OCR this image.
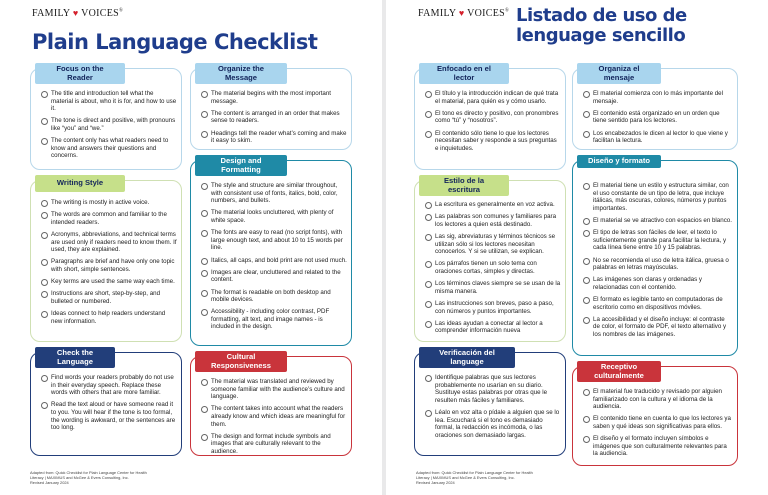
FAMILY ♥ VOICES®
Plain Language Checklist
Focus on the Reader
The title and introduction tell what the material is about, who it is for, and how to use it.
The tone is direct and positive, with pronouns like “you” and “we.”
The content only has what readers need to know and answers their questions and concerns.
Writing Style
The writing is mostly in active voice.
The words are common and familiar to the intended readers.
Acronyms, abbreviations, and technical terms are used only if readers need to know them. If used, they are explained.
Paragraphs are brief and have only one topic with short, simple sentences.
Key terms are used the same way each time.
Instructions are short, step-by-step, and bulleted or numbered.
Ideas connect to help readers understand new information.
Check the Language
Find words your readers probably do not use in their everyday speech. Replace these words with others that are more familiar.
Read the text aloud or have someone read it to you. You will hear if the tone is too formal, the wording is awkward, or the sentences are too long.
Organize the Message
The material begins with the most important message.
The content is arranged in an order that makes sense to readers.
Headings tell the reader what’s coming and make it easy to skim.
Design and Formatting
The style and structure are similar throughout, with consistent use of fonts, italics, bold, color, numbers, and bullets.
The material looks uncluttered, with plenty of white space.
The fonts are easy to read (no script fonts), with large enough text, and about 10 to 15 words per line.
Italics, all caps, and bold print are not used much.
Images are clear, uncluttered and related to the content.
The format is readable on both desktop and mobile devices.
Accessibility - including color contrast, PDF formatting, alt text, and image names - is included in the design.
Cultural Responsiveness
The material was translated and reviewed by someone familiar with the audience’s culture and language.
The content takes into account what the readers already know and which ideas are meaningful for them.
The design and format include symbols and images that are culturally relevant to the audience.
Adapted from: Quick Checklist for Plain Language Center for Health Literacy | MAXIMUS and McGee & Evers Consulting, Inc.
Revised January 2024
FAMILY ♥ VOICES® Listado de uso de lenguage sencillo
Enfocado en el lector
El título y la introducción indican de qué trata el material, para quién es y cómo usarlo.
El tono es directo y positivo, con pronombres como “tú” y “nosotros”.
El contenido sólo tiene lo que los lectores necesitan saber y responde a sus preguntas e inquietudes.
Estilo de la escritura
La escritura es generalmente en voz activa.
Las palabras son comunes y familiares para los lectores a quien está destinado.
Las sig, abreviaturas y términos técnicos se utilizan sólo si los lectores necesitan conocerlos. Y si se utilizan, se explican.
Los párrafos tienen un solo tema con oraciones cortas, simples y directas.
Los términos claves siempre se se usan de la misma manera.
Las instrucciones son breves, paso a paso, con números y puntos importantes.
Las ideas ayudan a conectar al lector a comprender información nueva
Verificación del language
Identifique palabras que sus lectores probablemente no usarían en su diario. Sustituye estas palabras por otras que le resulten más fáciles y familiares.
Léalo en voz alta o pídale a alguien que se lo lea. Escuchará si el tono es demasiado formal, la redacción es incómoda, o las oraciones son demasiado largas.
Organiza el mensaje
El material comienza con lo más importante del mensaje.
El contenido está organizado en un orden que tiene sentido para los lectores.
Los encabezados le dicen al lector lo que viene y facilitan la lectura.
Diseño y formato
El material tiene un estilo y estructura similar, con el uso constante de un tipo de letra, que incluye itálicas, más oscuras, colores, números y puntos importantes.
El material se ve atractivo con espacios en blanco.
El tipo de letras son fáciles de leer, el texto lo suficientemente grande para facilitar la lectura, y cada línea tiene entre 10 y 15 palabras.
No se recomienda el uso de letra itálica, gruesa o palabras en letras mayúsculas.
Las imágenes son claras y ordenadas y relacionadas con el contenido.
El formato es legible tanto en computadoras de escritorio como en dispositivos móviles.
La accesibilidad y el diseño incluye: el contraste de color, el formato de PDF, el texto alternativo y los nombres de las imágenes.
Receptivo culturalmente
El material fue traducido y revisado por alguien familiarizado con la cultura y el idioma de la audiencia.
El contenido tiene en cuenta lo que los lectores ya saben y qué ideas son significativas para ellos.
El diseño y el formato incluyen símbolos e imágenes que son culturalmente relevantes para la audiencia.
Adapted from: Quick Checklist for Plain Language Center for Health Literacy | MAXIMUS and McGee & Evers Consulting, Inc.
Revised January 2024
